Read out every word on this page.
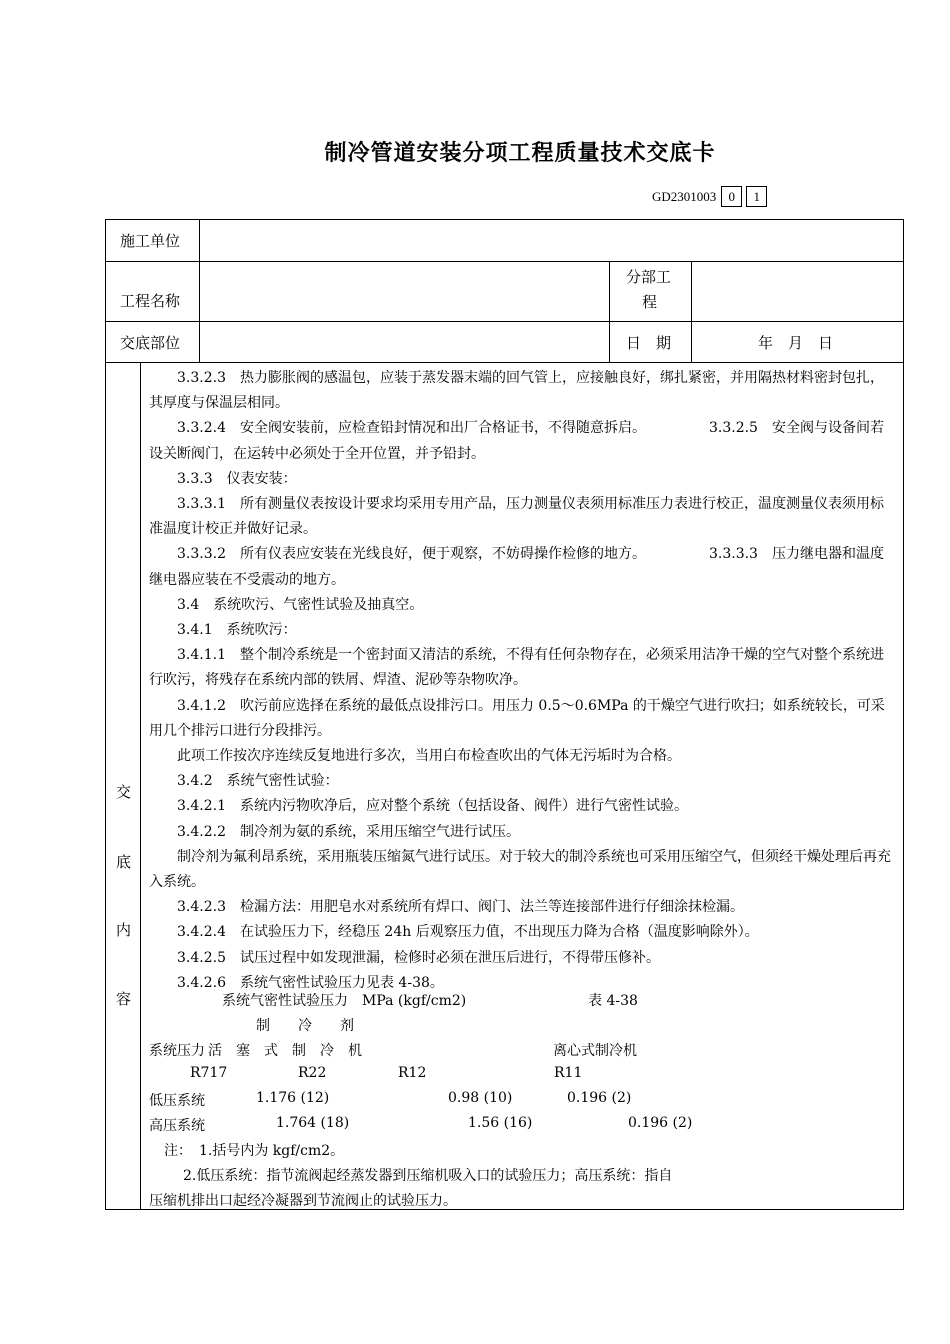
制冷管道安装分项工程质量技术交底卡
GD2301003 0	1
施工单位
工程名称
分部工
程
交底部位	日　期	年　月　日
交
底
内
容

3.3.2.3　热力膨胀阀的感温包，应装于蒸发器末端的回气管上，应接触良好，绑扎紧密，并用隔热材料密封包扎，其厚度与保温层相同。

3.3.2.4　安全阀安装前，应检查铅封情况和出厂合格证书，不得随意拆启。　　　　　3.3.2.5　安全阀与设备间若设关断阀门，在运转中必须处于全开位置，并予铅封。

3.3.3　仪表安装：

3.3.3.1　所有测量仪表按设计要求均采用专用产品，压力测量仪表须用标准压力表进行校正，温度测量仪表须用标准温度计校正并做好记录。

3.3.3.2　所有仪表应安装在光线良好，便于观察，不妨碍操作检修的地方。　　　　　3.3.3.3　压力继电器和温度继电器应装在不受震动的地方。

3.4　系统吹污、气密性试验及抽真空。

3.4.1　系统吹污：

3.4.1.1　整个制冷系统是一个密封面又清洁的系统，不得有任何杂物存在，必须采用洁净干燥的空气对整个系统进行吹污，将残存在系统内部的铁屑、焊渣、泥砂等杂物吹净。

3.4.1.2　吹污前应选择在系统的最低点设排污口。用压力 0.5～0.6MPa 的干燥空气进行吹扫；如系统较长，可采用几个排污口进行分段排污。

此项工作按次序连续反复地进行多次，当用白布检查吹出的气体无污垢时为合格。

3.4.2　系统气密性试验：

3.4.2.1　系统内污物吹净后，应对整个系统（包括设备、阀件）进行气密性试验。

3.4.2.2　制冷剂为氨的系统，采用压缩空气进行试压。

制冷剂为氟利昂系统，采用瓶装压缩氮气进行试压。对于较大的制冷系统也可采用压缩空气，但须经干燥处理后再充入系统。

3.4.2.3　检漏方法：用肥皂水对系统所有焊口、阀门、法兰等连接部件进行仔细涂抹检漏。

3.4.2.4　在试验压力下，经稳压 24h 后观察压力值，不出现压力降为合格（温度影响除外）。

3.4.2.5　试压过程中如发现泄漏，检修时必须在泄压后进行，不得带压修补。

3.4.2.6　系统气密性试验压力见表 4-38。

系统气密性试验压力　MPa (kgf/cm2)	表 4-38
制　　冷　　剂
系统压力 活　塞　式　制　冷　机	离心式制冷机
R717	R22	R12	R11
低压系统	1.176 (12)	0.98 (10)	0.196 (2)
高压系统	1.764 (18)	1.56 (16)	0.196 (2)
注：　1.括号内为 kgf/cm2。
2.低压系统：指节流阀起经蒸发器到压缩机吸入口的试验压力；高压系统：指自
压缩机排出口起经冷凝器到节流阀止的试验压力。
